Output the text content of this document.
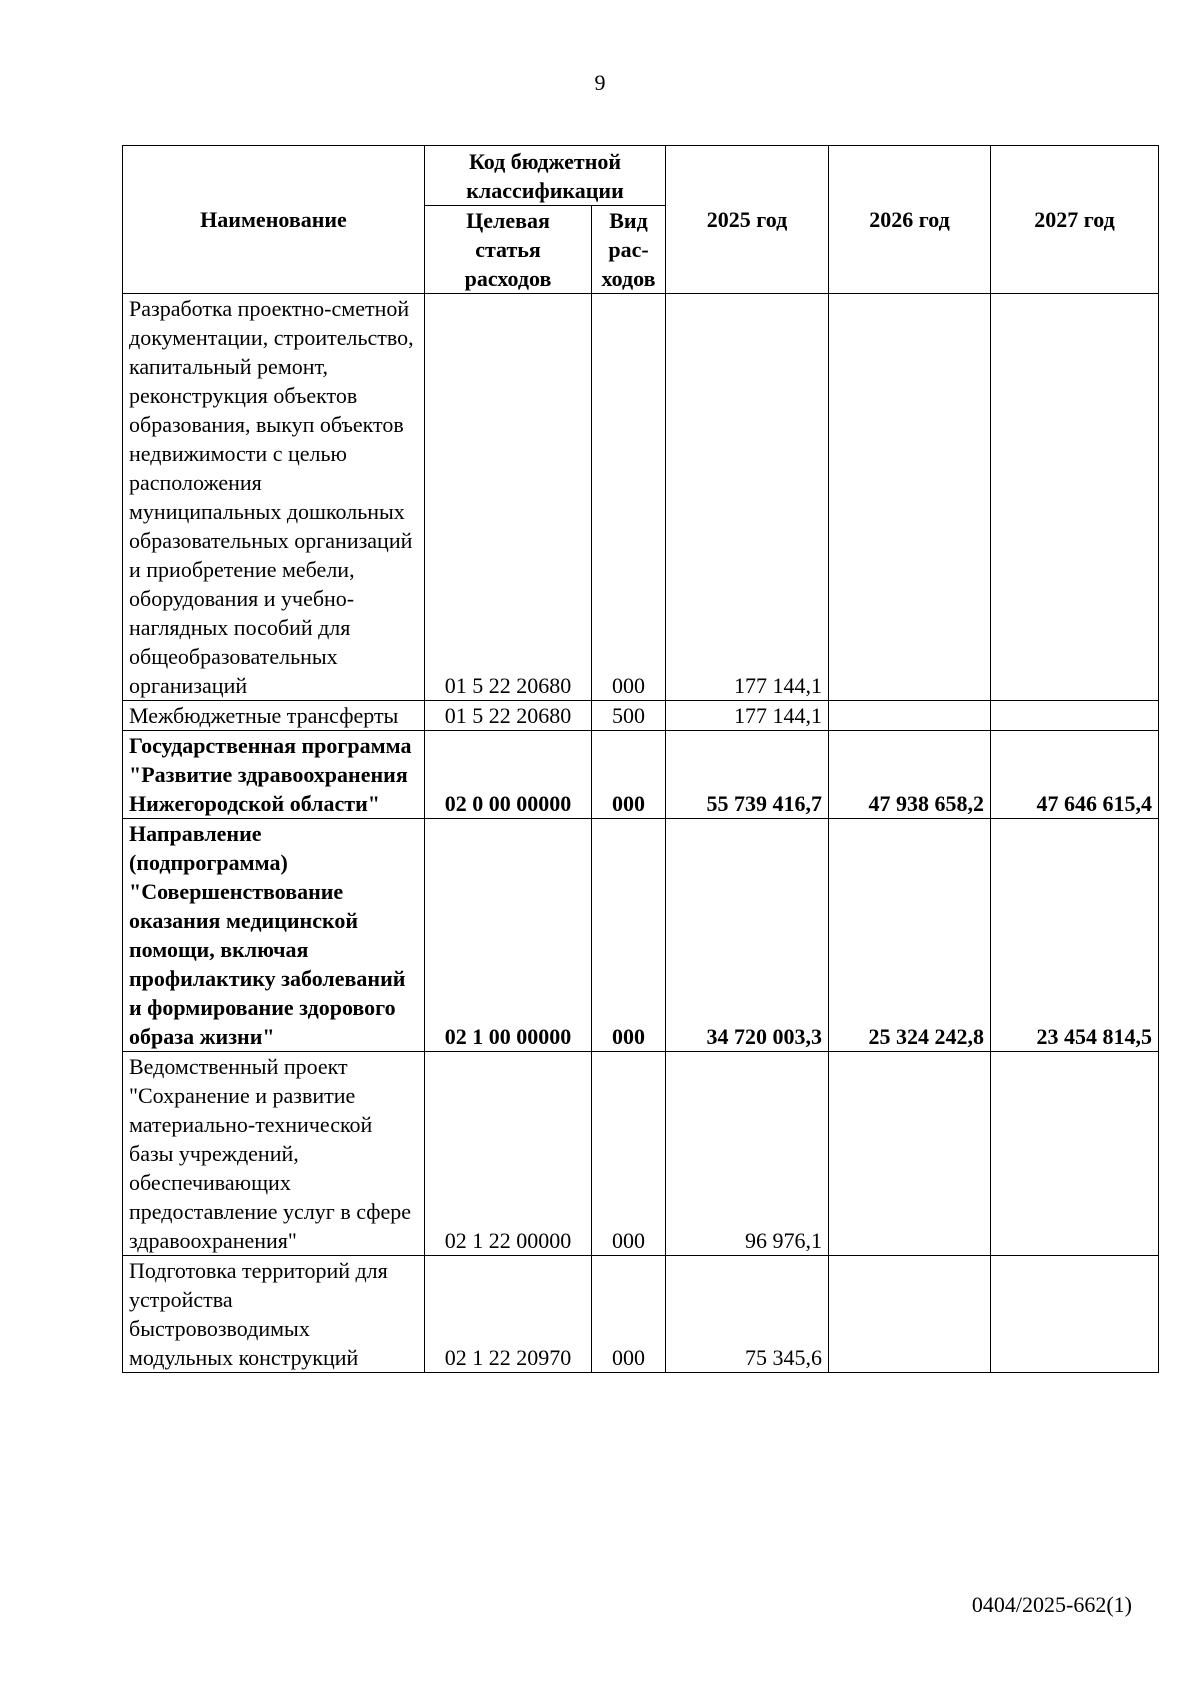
9
Наименование	Код бюджетной классификации		2025 год	2026 год	2027 год
	Целевая статья расходов	Вид рас-ходов			
Разработка проектно-сметной документации, строительство, капитальный ремонт, реконструкция объектов образования, выкуп объектов недвижимости с целью расположения муниципальных дошкольных образовательных организаций и приобретение мебели, оборудования и учебно-наглядных пособий для общеобразовательных организаций	01 5 22 20680	000	177 144,1		
Межбюджетные трансферты	01 5 22 20680	500	177 144,1		
Государственная программа "Развитие здравоохранения Нижегородской области"	02 0 00 00000	000	55 739 416,7	47 938 658,2	47 646 615,4
Направление (подпрограмма) "Совершенствование оказания медицинской помощи, включая профилактику заболеваний и формирование здорового образа жизни"	02 1 00 00000	000	34 720 003,3	25 324 242,8	23 454 814,5
Ведомственный проект "Сохранение и развитие материально-технической базы учреждений, обеспечивающих предоставление услуг в сфере здравоохранения"	02 1 22 00000	000	96 976,1		
Подготовка территорий для устройства быстровозводимых модульных конструкций	02 1 22 20970	000	75 345,6		
0404/2025-662(1)
